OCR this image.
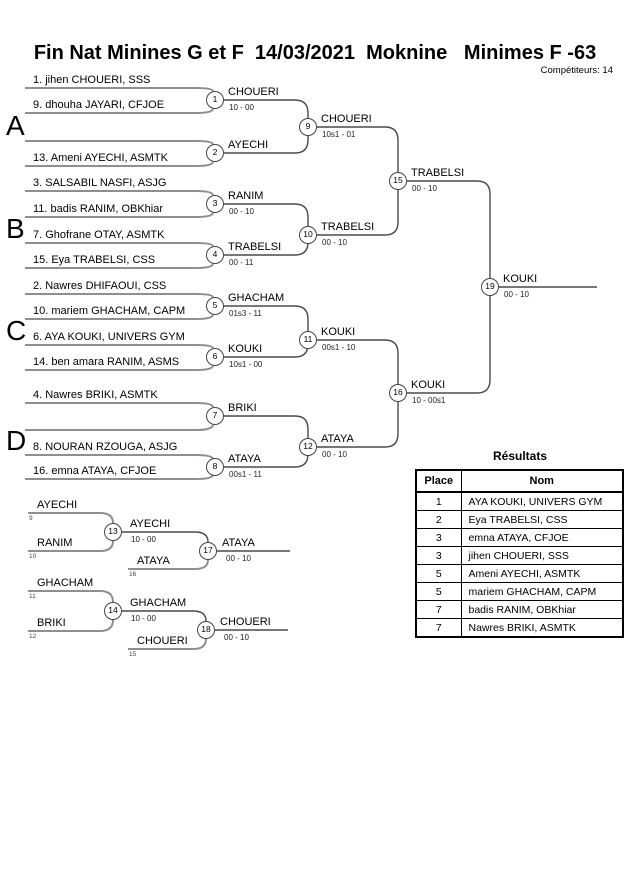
Fin Nat Minines G et F  14/03/2021  Moknine   Minimes F -63
Compétiteurs: 14
A
B
C
D
1. jihen CHOUERI, SSS
9. dhouha JAYARI, CFJOE
13. Ameni AYECHI, ASMTK
3. SALSABIL NASFI, ASJG
11. badis RANIM, OBKhiar
7. Ghofrane OTAY, ASMTK
15. Eya TRABELSI, CSS
2. Nawres DHIFAOUI, CSS
10. mariem GHACHAM, CAPM
6. AYA KOUKI, UNIVERS GYM
14. ben amara RANIM, ASMS
4. Nawres BRIKI, ASMTK
8. NOURAN RZOUGA, ASJG
16. emna ATAYA, CFJOE
1
2
3
4
5
6
7
8
9
10
11
12
15
16
19
CHOUERI
10 - 00
AYECHI
RANIM
00 - 10
TRABELSI
00 - 11
GHACHAM
01s3 - 11
KOUKI
10s1 - 00
BRIKI
ATAYA
00s1 - 11
CHOUERI
10s1 - 01
TRABELSI
00 - 10
KOUKI
00s1 - 10
ATAYA
00 - 10
TRABELSI
00 - 10
KOUKI
10 - 00s1
KOUKI
00 - 10
AYECHI
9
RANIM
10
13
AYECHI
10 - 00
ATAYA
16
17
ATAYA
00 - 10
GHACHAM
11
BRIKI
12
14
GHACHAM
10 - 00
CHOUERI
15
18
CHOUERI
00 - 10
Résultats
Place	Nom
1	AYA KOUKI, UNIVERS GYM
2	Eya TRABELSI, CSS
3	emna ATAYA, CFJOE
3	jihen CHOUERI, SSS
5	Ameni AYECHI, ASMTK
5	mariem GHACHAM, CAPM
7	badis RANIM, OBKhiar
7	Nawres BRIKI, ASMTK
